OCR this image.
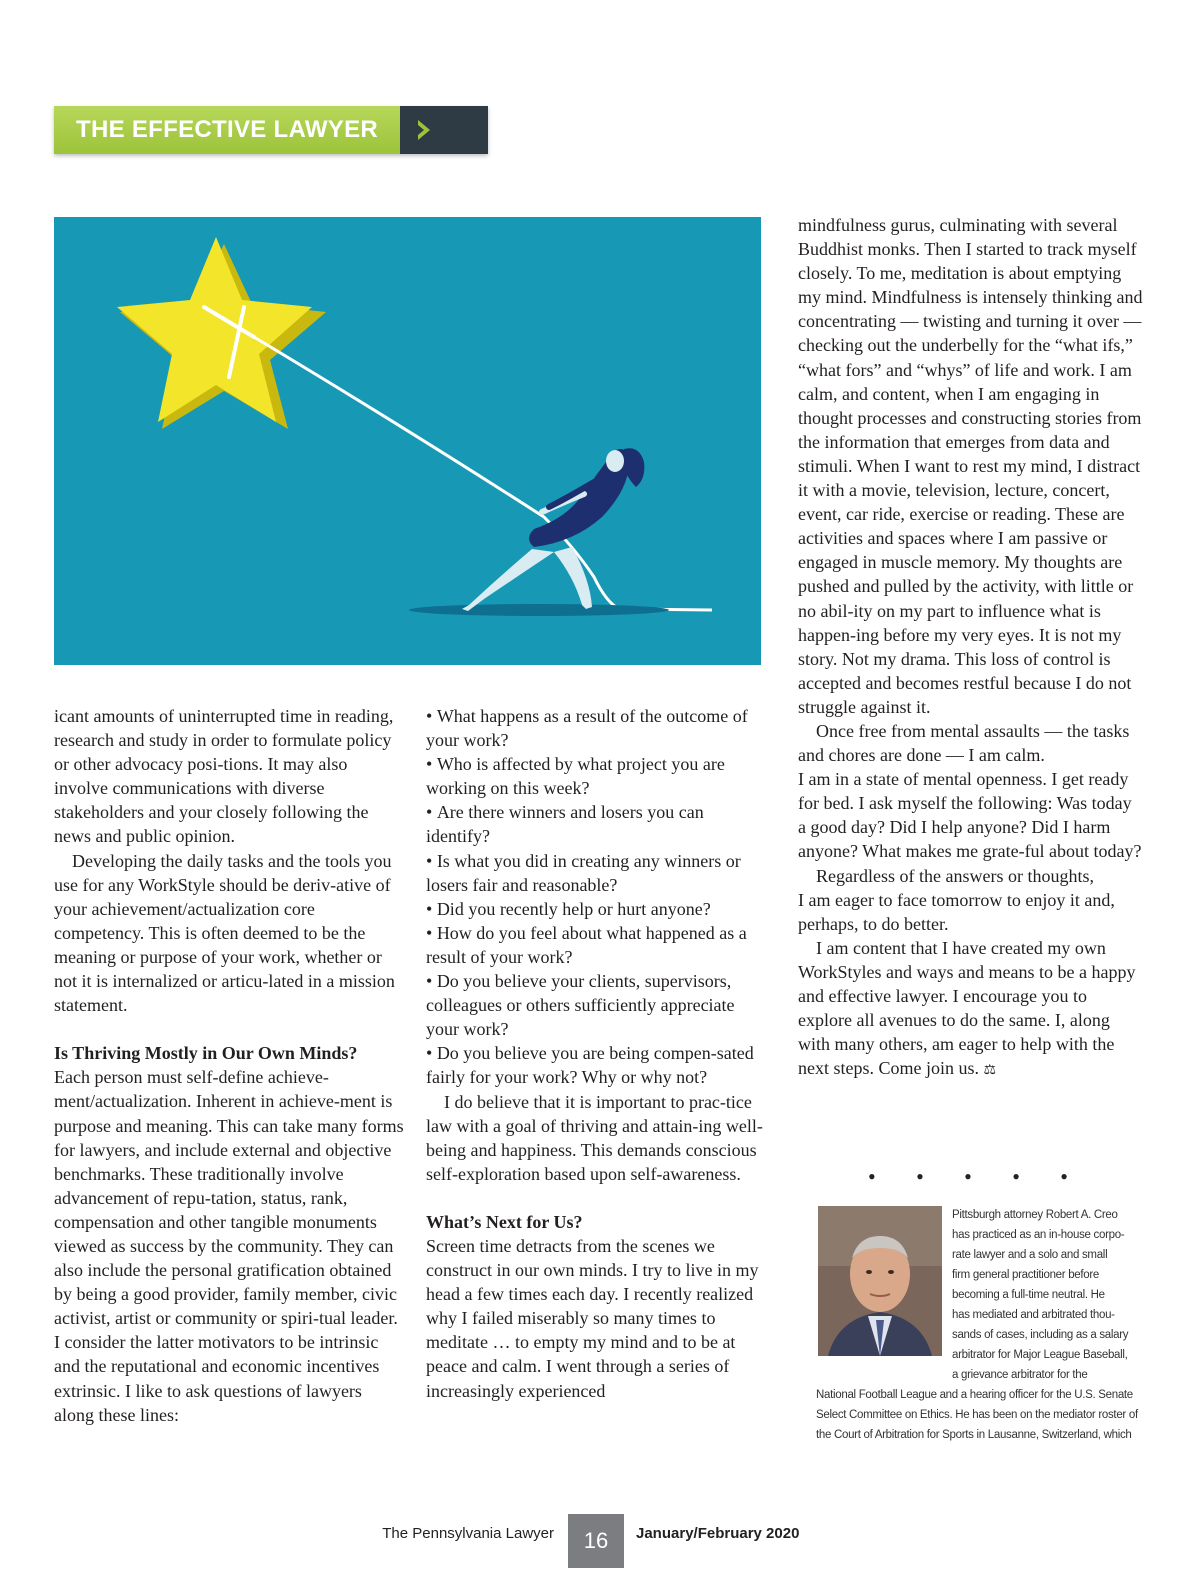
THE EFFECTIVE LAWYER

icant amounts of uninterrupted time in reading, research and study in order to formulate policy or other advocacy posi-tions. It may also involve communications with diverse stakeholders and your closely following the news and public opinion.

Developing the daily tasks and the tools you use for any WorkStyle should be deriv-ative of your achievement/actualization core competency. This is often deemed to be the meaning or purpose of your work, whether or not it is internalized or articu-lated in a mission statement.

Is Thriving Mostly in Our Own Minds?

Each person must self-define achieve-ment/actualization. Inherent in achieve-ment is purpose and meaning. This can take many forms for lawyers, and include external and objective benchmarks. These traditionally involve advancement of repu-tation, status, rank, compensation and other tangible monuments viewed as success by the community. They can also include the personal gratification obtained by being a good provider, family member, civic activist, artist or community or spiri-tual leader. I consider the latter motivators to be intrinsic and the reputational and economic incentives extrinsic. I like to ask questions of lawyers along these lines:

• What happens as a result of the outcome of your work?

• Who is affected by what project you are working on this week?

• Are there winners and losers you can identify?

• Is what you did in creating any winners or losers fair and reasonable?

• Did you recently help or hurt anyone?

• How do you feel about what happened as a result of your work?

• Do you believe your clients, supervisors, colleagues or others sufficiently appreciate your work?

• Do you believe you are being compen-sated fairly for your work? Why or why not?

I do believe that it is important to prac-tice law with a goal of thriving and attain-ing well-being and happiness. This demands conscious self-exploration based upon self-awareness.

What’s Next for Us?

Screen time detracts from the scenes we construct in our own minds. I try to live in my head a few times each day. I recently realized why I failed miserably so many times to meditate … to empty my mind and to be at peace and calm. I went through a series of increasingly experienced

mindfulness gurus, culminating with several Buddhist monks. Then I started to track myself closely. To me, meditation is about emptying my mind. Mindfulness is intensely thinking and concentrating — twisting and turning it over — checking out the underbelly for the “what ifs,” “what fors” and “whys” of life and work. I am calm, and content, when I am engaging in thought processes and constructing stories from the information that emerges from data and stimuli. When I want to rest my mind, I distract it with a movie, television, lecture, concert, event, car ride, exercise or reading. These are activities and spaces where I am passive or engaged in muscle memory. My thoughts are pushed and pulled by the activity, with little or no abil-ity on my part to influence what is happen-ing before my very eyes. It is not my story. Not my drama. This loss of control is accepted and becomes restful because I do not struggle against it.

Once free from mental assaults — the tasks and chores are done — I am calm.

I am in a state of mental openness. I get ready for bed. I ask myself the following: Was today a good day? Did I help anyone? Did I harm anyone? What makes me grate-ful about today?

Regardless of the answers or thoughts,

I am eager to face tomorrow to enjoy it and, perhaps, to do better.

I am content that I have created my own WorkStyles and ways and means to be a happy and effective lawyer. I encourage you to explore all avenues to do the same. I, along with many others, am eager to help with the next steps. Come join us. ⚖

• • • • •
Pittsburgh attorney Robert A. Creo
has practiced as an in-house corpo-
rate lawyer and a solo and small
firm general practitioner before
becoming a full-time neutral. He
has mediated and arbitrated thou-
sands of cases, including as a salary
arbitrator for Major League Baseball,
a grievance arbitrator for the
National Football League and a hearing officer for the U.S. Senate
Select Committee on Ethics. He has been on the mediator roster of
the Court of Arbitration for Sports in Lausanne, Switzerland, which
The Pennsylvania Lawyer	16	January/February 2020
